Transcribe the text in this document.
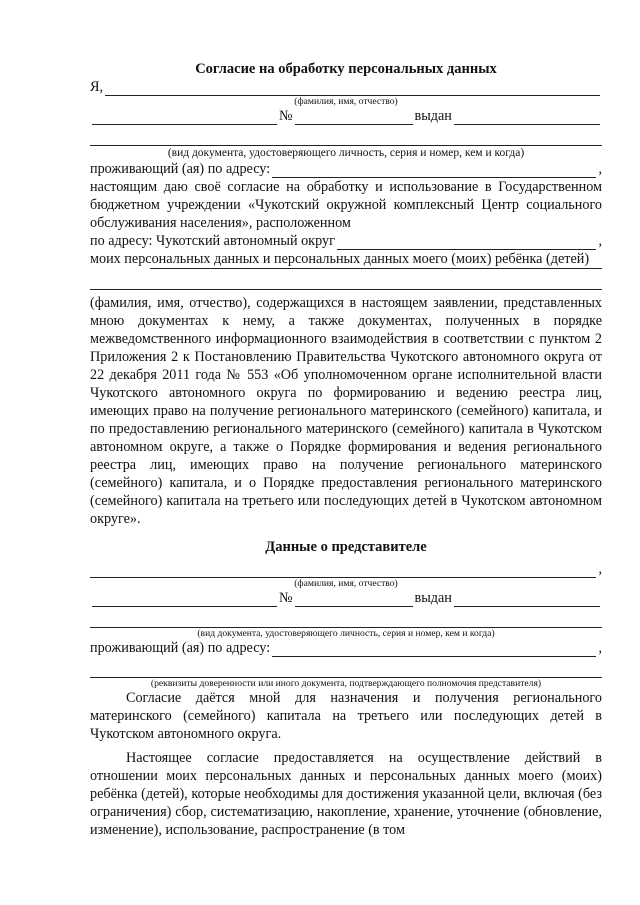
Согласие на обработку персональных данных

Я,
(фамилия, имя, отчество)
№	выдан
(вид документа, удостоверяющего личность, серия и номер, кем и когда)
проживающий (ая) по адресу:	,

настоящим даю своё согласие на обработку и использование в Государственном бюджетном учреждении «Чукотский окружной комплексный Центр социального обслуживания населения», расположенном

по адресу: Чукотский автономный округ	,

моих персональных данных и персональных данных моего (моих) ребёнка (детей)

(фамилия, имя, отчество), содержащихся в настоящем заявлении, представленных мною документах к нему, а также документах, полученных в порядке межведомственного информационного взаимодействия в соответствии с пунктом 2 Приложения 2 к Постановлению Правительства Чукотского автономного округа от 22 декабря 2011 года № 553 «Об уполномоченном органе исполнительной власти Чукотского автономного округа по формированию и ведению реестра лиц, имеющих право на получение регионального материнского (семейного) капитала, и по предоставлению регионального материнского (семейного) капитала в Чукотском автономном округе, а также о Порядке формирования и ведения регионального реестра лиц, имеющих право на получение регионального материнского (семейного) капитала, и о Порядке предоставления регионального материнского (семейного) капитала на третьего или последующих детей в Чукотском автономном округе».

Данные о представителе

,
(фамилия, имя, отчество)
№	выдан
(вид документа, удостоверяющего личность, серия и номер, кем и когда)
проживающий (ая) по адресу:	,
(реквизиты доверенности или иного документа, подтверждающего полномочия представителя)

Согласие даётся мной для назначения и получения регионального материнского (семейного) капитала на третьего или последующих детей в Чукотском автономного округа.

Настоящее согласие предоставляется на осуществление действий в отношении моих персональных данных и персональных данных моего (моих) ребёнка (детей), которые необходимы для достижения указанной цели, включая (без ограничения) сбор, систематизацию, накопление, хранение, уточнение (обновление, изменение), использование, распространение (в том
